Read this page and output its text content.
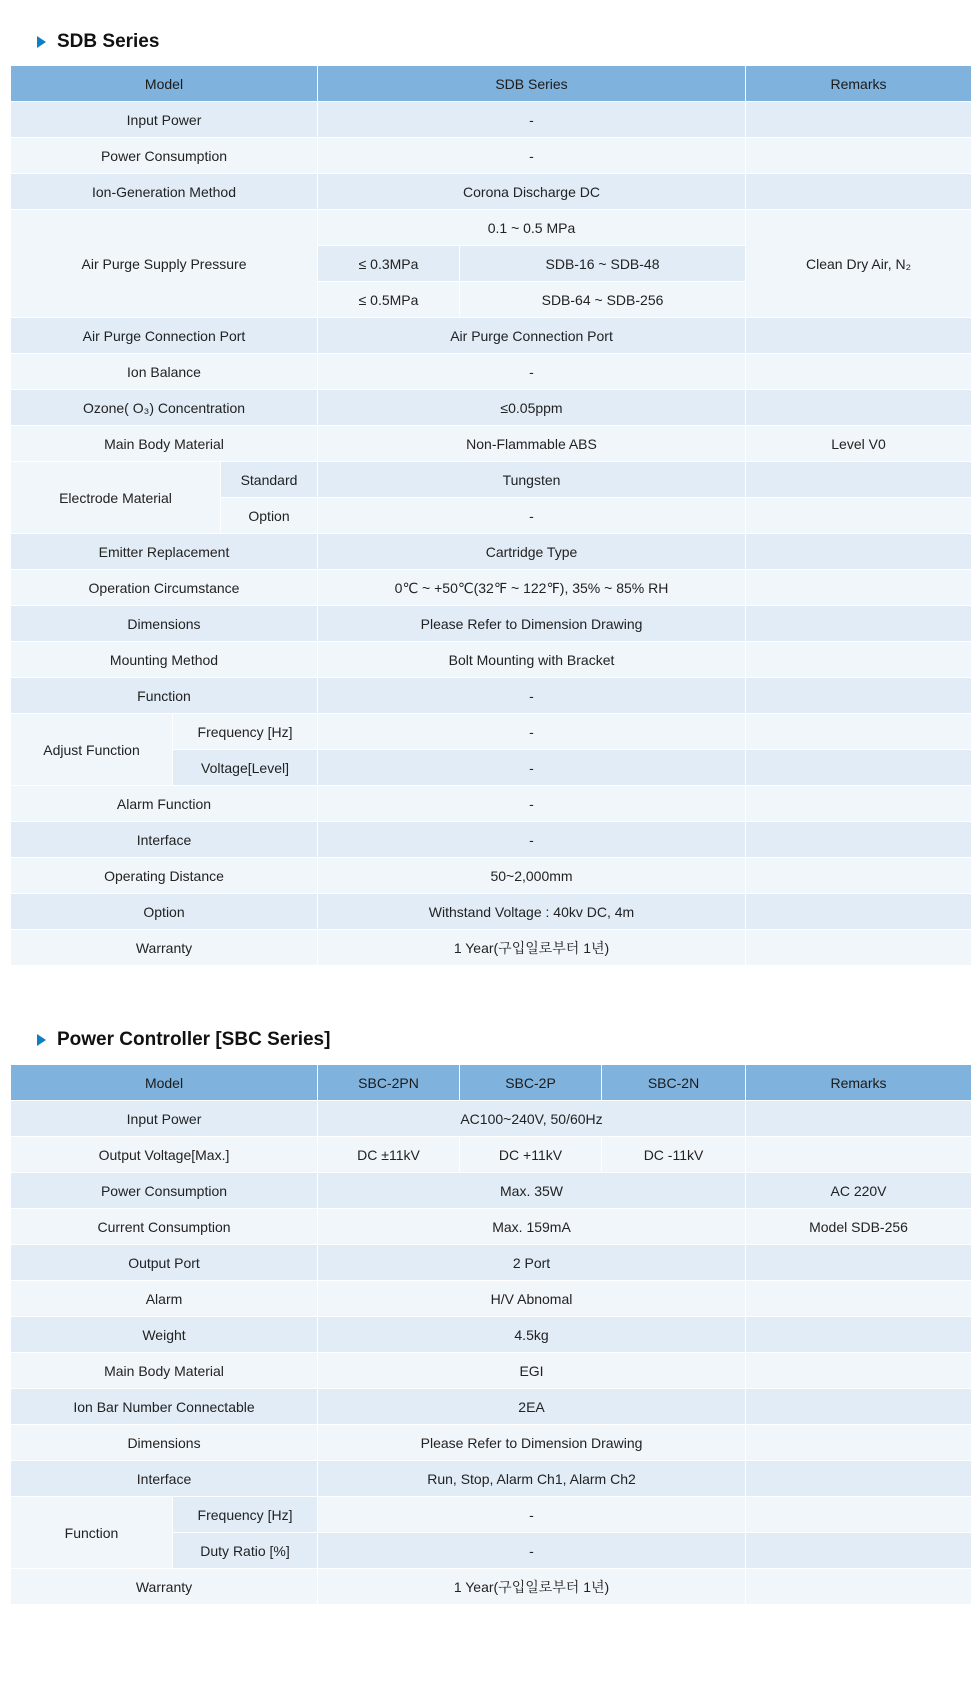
SDB Series
Model			SDB Series		Remarks
Input Power			-		
Power Consumption			-		
Ion-Generation Method			Corona Discharge DC		
Air Purge Supply Pressure			0.1 ~ 0.5 MPa		Clean Dry Air, N₂
			≤ 0.3MPa	SDB-16 ~ SDB-48	
			≤ 0.5MPa	SDB-64 ~ SDB-256	
Air Purge Connection Port			Air Purge Connection Port		
Ion Balance			-		
Ozone( O₃) Concentration			≤0.05ppm		
Main Body Material			Non-Flammable ABS		Level V0
Electrode Material		Standard	Tungsten		
		Option	-		
Emitter Replacement			Cartridge Type		
Operation Circumstance			0℃ ~ +50℃(32℉ ~ 122℉), 35% ~ 85% RH		
Dimensions			Please Refer to Dimension Drawing		
Mounting Method			Bolt Mounting with Bracket		
Function			-		
Adjust Function	Frequency [Hz]		-		
	Voltage[Level]		-		
Alarm Function			-		
Interface			-		
Operating Distance			50~2,000mm		
Option			Withstand Voltage : 40kv DC, 4m		
Warranty			1 Year(구입일로부터 1년)		
Power Controller [SBC Series]
Model		SBC-2PN	SBC-2P	SBC-2N	Remarks
Input Power		AC100~240V, 50/60Hz			
Output Voltage[Max.]		DC ±11kV	DC +11kV	DC -11kV	
Power Consumption		Max. 35W			AC 220V
Current Consumption		Max. 159mA			Model SDB-256
Output Port		2 Port			
Alarm		H/V Abnomal			
Weight		4.5kg			
Main Body Material		EGI			
Ion Bar Number Connectable		2EA			
Dimensions		Please Refer to Dimension Drawing			
Interface		Run, Stop, Alarm Ch1, Alarm Ch2			
Function	Frequency [Hz]	-			
	Duty Ratio [%]	-			
Warranty		1 Year(구입일로부터 1년)			
